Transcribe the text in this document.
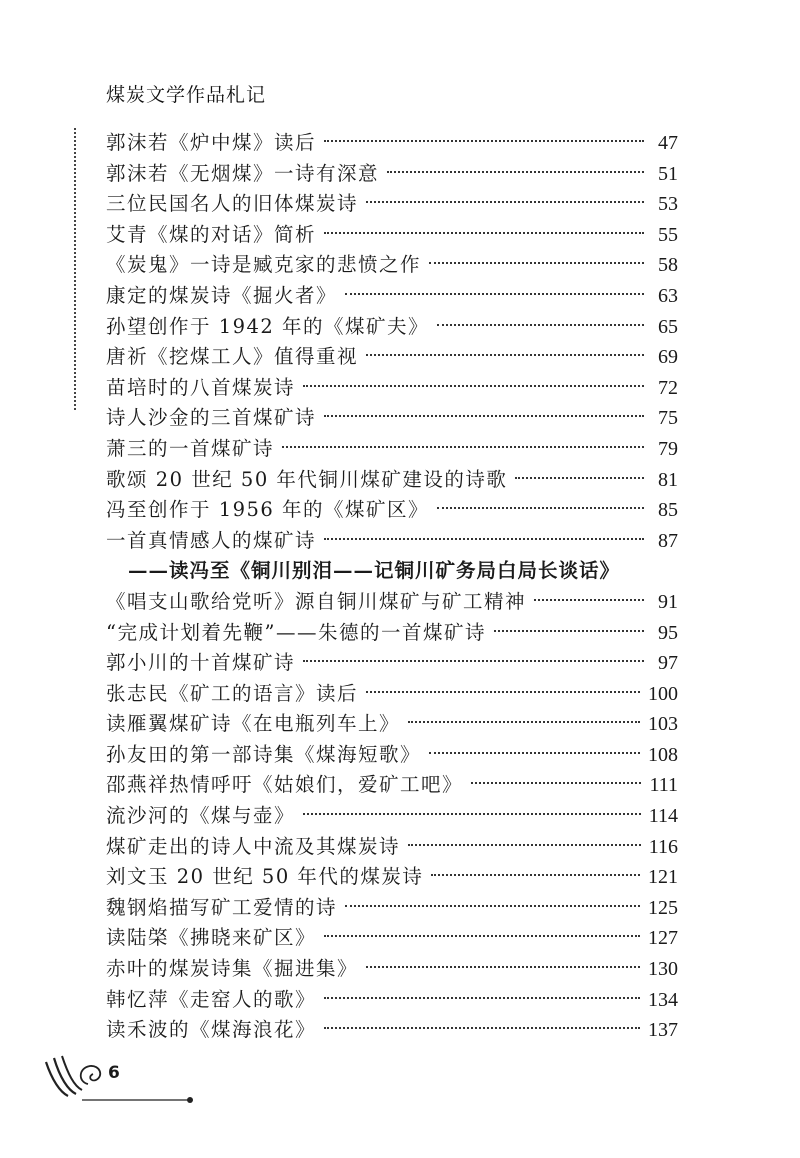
煤炭文学作品札记
郭沫若《炉中煤》读后	47
郭沫若《无烟煤》一诗有深意	51
三位民国名人的旧体煤炭诗	53
艾青《煤的对话》简析	55
《炭鬼》一诗是臧克家的悲愤之作	58
康定的煤炭诗《掘火者》	63
孙望创作于 1942 年的《煤矿夫》	65
唐祈《挖煤工人》值得重视	69
苗培时的八首煤炭诗	72
诗人沙金的三首煤矿诗	75
萧三的一首煤矿诗	79
歌颂 20 世纪 50 年代铜川煤矿建设的诗歌	81
冯至创作于 1956 年的《煤矿区》	85
一首真情感人的煤矿诗	87
——读冯至《铜川别泪——记铜川矿务局白局长谈话》
《唱支山歌给党听》源自铜川煤矿与矿工精神	91
“完成计划着先鞭”——朱德的一首煤矿诗	95
郭小川的十首煤矿诗	97
张志民《矿工的语言》读后	100
读雁翼煤矿诗《在电瓶列车上》	103
孙友田的第一部诗集《煤海短歌》	108
邵燕祥热情呼吁《姑娘们，爱矿工吧》	111
流沙河的《煤与壶》	114
煤矿走出的诗人中流及其煤炭诗	116
刘文玉 20 世纪 50 年代的煤炭诗	121
魏钢焰描写矿工爱情的诗	125
读陆棨《拂晓来矿区》	127
赤叶的煤炭诗集《掘进集》	130
韩忆萍《走窑人的歌》	134
读禾波的《煤海浪花》	137
6
